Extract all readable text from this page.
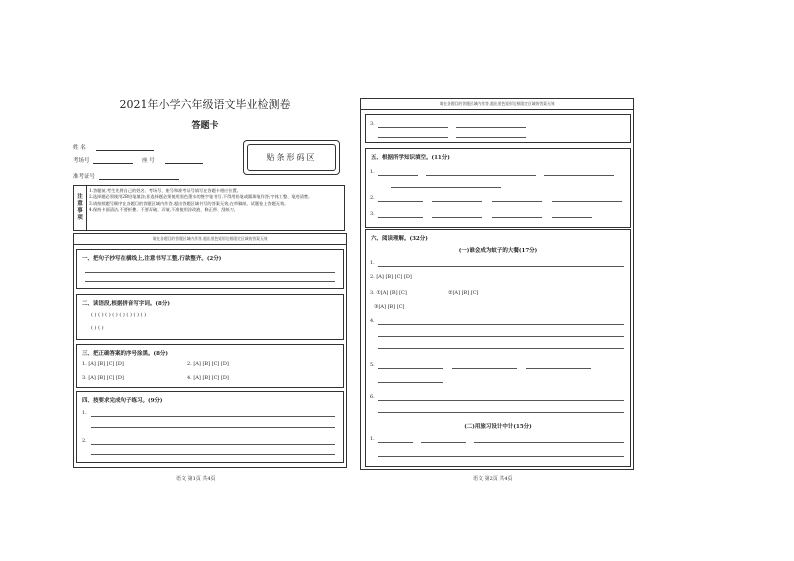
2021年小学六年级语文毕业检测卷
答题卡
姓 名
考场号	座 号
准考证号
贴条形码区
注
意
事
项
1.答题前,考生先将自己的姓名、考场号、座号和准考证号填写在答题卡相应位置。
2.选择题必须使用2B铅笔填涂;非选择题必须使用黑色墨水的签字笔书写,不得用铅笔或圆珠笔作答;字体工整、笔迹清楚。
3.请按照题号顺序在各题目的答题区域内作答,超出答题区域书写的答案无效;在草稿纸、试题卷上答题无效。
4.保持卡面清洁,不要折叠、不要弄破、弄皱,不准使用涂改液、修正带、刮纸刀。
请在各题目的答题区域内作答,超出黑色矩形边框限定区域的答案无效
一、把句子抄写在横线上,注意书写工整,行款整齐。(2分)
二、读语段,根据拼音写字词。(8分)
( ) ( ) ( ) ( ) ( ) ( ) ( ) ( )
( ) ( )
三、把正确答案的序号涂黑。(8分)
1. [A] [B] [C] [D]	2. [A] [B] [C] [D]
3. [A] [B] [C] [D]	4. [A] [B] [C] [D]
四、按要求完成句子练习。(9分)
1.
2.
语文 第1页 共4页
请在各题目的答题区域内作答,超出黑色矩形边框限定区域的答案无效
3.
五、根据所学知识填空。(11分)
1.
2.
3.
六、阅读理解。(32分)
(一)谁会成为蚊子的大餐(17分)
1.
2. [A] [B] [C] [D]
3. ①[A] [B] [C]	②[A] [B] [C]
③[A] [B] [C]
4.
5.
6.
(二)用旅习设计中计(15分)
1.
语文 第2页 共4页
